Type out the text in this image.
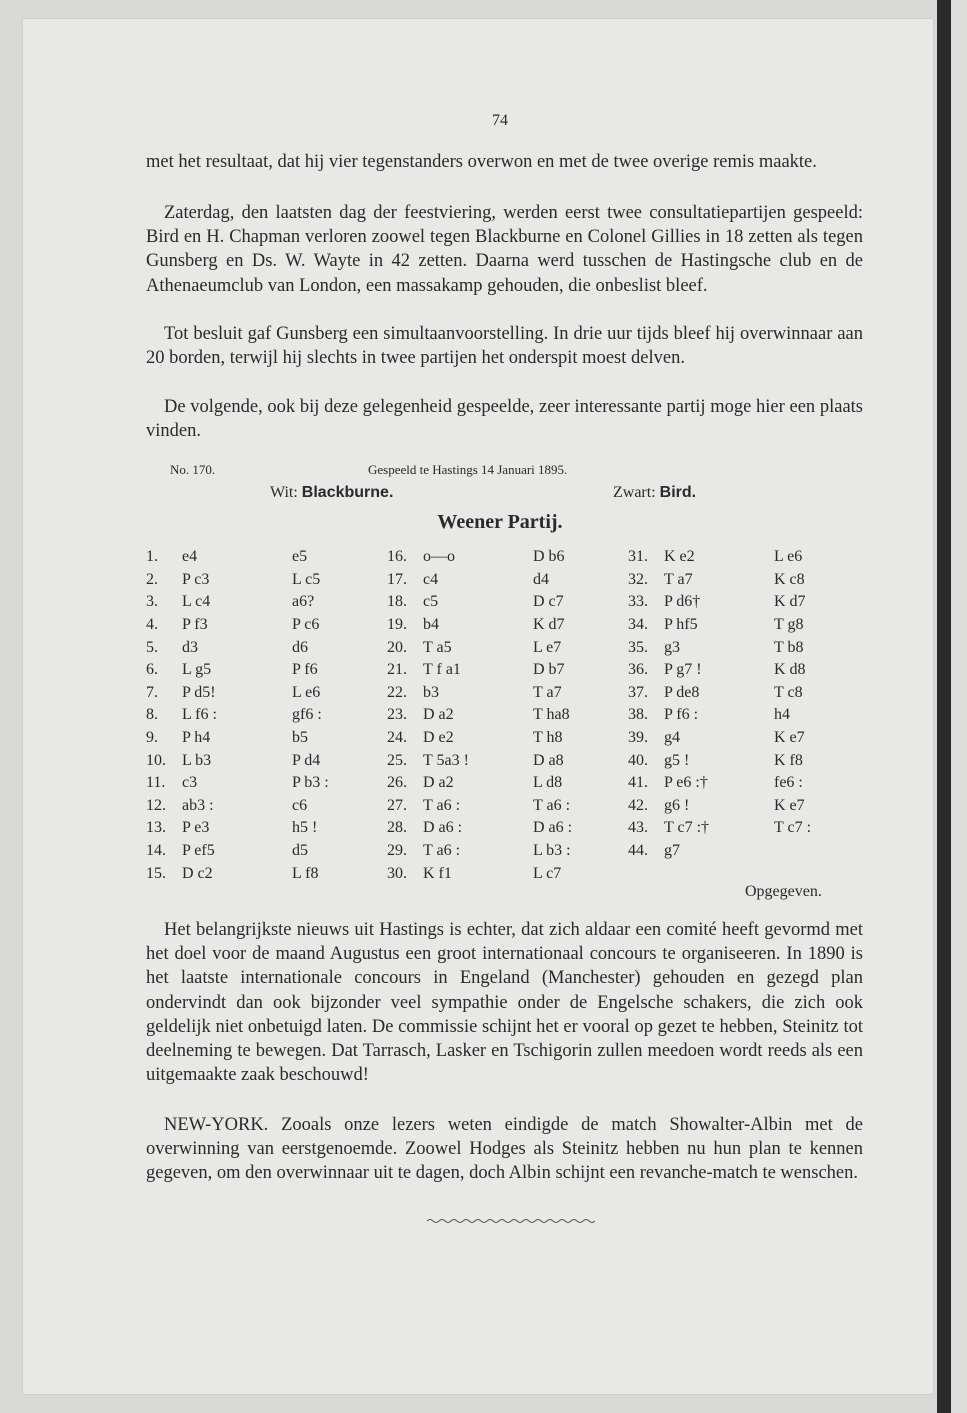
74

met het resultaat, dat hij vier tegenstanders overwon en met de twee overige remis maakte.

Zaterdag, den laatsten dag der feestviering, werden eerst twee consultatiepartijen gespeeld: Bird en H. Chapman verloren zoowel tegen Blackburne en Colonel Gillies in 18 zetten als tegen Gunsberg en Ds. W. Wayte in 42 zetten. Daarna werd tusschen de Hastingsche club en de Athenaeumclub van London, een massakamp gehouden, die onbeslist bleef.

Tot besluit gaf Gunsberg een simultaanvoorstelling. In drie uur tijds bleef hij overwinnaar aan 20 borden, terwijl hij slechts in twee partijen het onderspit moest delven.

De volgende, ook bij deze gelegenheid gespeelde, zeer interessante partij moge hier een plaats vinden.

No. 170.	Gespeeld te Hastings 14 Januari 1895.
Wit: Blackburne.	Zwart: Bird.
Weener Partij.
1.	e4	e5	16.	o—o	D b6	31.	K e2	L e6
2.	P c3	L c5	17.	c4	d4	32.	T a7	K c8
3.	L c4	a6?	18.	c5	D c7	33.	P d6†	K d7
4.	P f3	P c6	19.	b4	K d7	34.	P hf5	T g8
5.	d3	d6	20.	T a5	L e7	35.	g3	T b8
6.	L g5	P f6	21.	T f a1	D b7	36.	P g7 !	K d8
7.	P d5!	L e6	22.	b3	T a7	37.	P de8	T c8
8.	L f6 :	gf6 :	23.	D a2	T ha8	38.	P f6 :	h4
9.	P h4	b5	24.	D e2	T h8	39.	g4	K e7
10.	L b3	P d4	25.	T 5a3 !	D a8	40.	g5 !	K f8
11.	c3	P b3 :	26.	D a2	L d8	41.	P e6 :†	fe6 :
12.	ab3 :	c6	27.	T a6 :	T a6 :	42.	g6 !	K e7
13.	P e3	h5 !	28.	D a6 :	D a6 :	43.	T c7 :†	T c7 :
14.	P ef5	d5	29.	T a6 :	L b3 :	44.	g7	
15.	D c2	L f8	30.	K f1	L c7			
Opgegeven.

Het belangrijkste nieuws uit Hastings is echter, dat zich aldaar een comité heeft gevormd met het doel voor de maand Augustus een groot internationaal concours te organiseeren. In 1890 is het laatste internationale concours in Engeland (Manchester) gehouden en gezegd plan ondervindt dan ook bijzonder veel sympathie onder de Engelsche schakers, die zich ook geldelijk niet onbetuigd laten. De commissie schijnt het er vooral op gezet te hebben, Steinitz tot deelneming te bewegen. Dat Tarrasch, Lasker en Tschigorin zullen meedoen wordt reeds als een uitgemaakte zaak beschouwd!

NEW-YORK. Zooals onze lezers weten eindigde de match Showalter-Albin met de overwinning van eerstgenoemde. Zoowel Hodges als Steinitz hebben nu hun plan te kennen gegeven, om den overwinnaar uit te dagen, doch Albin schijnt een revanche-match te wenschen.
